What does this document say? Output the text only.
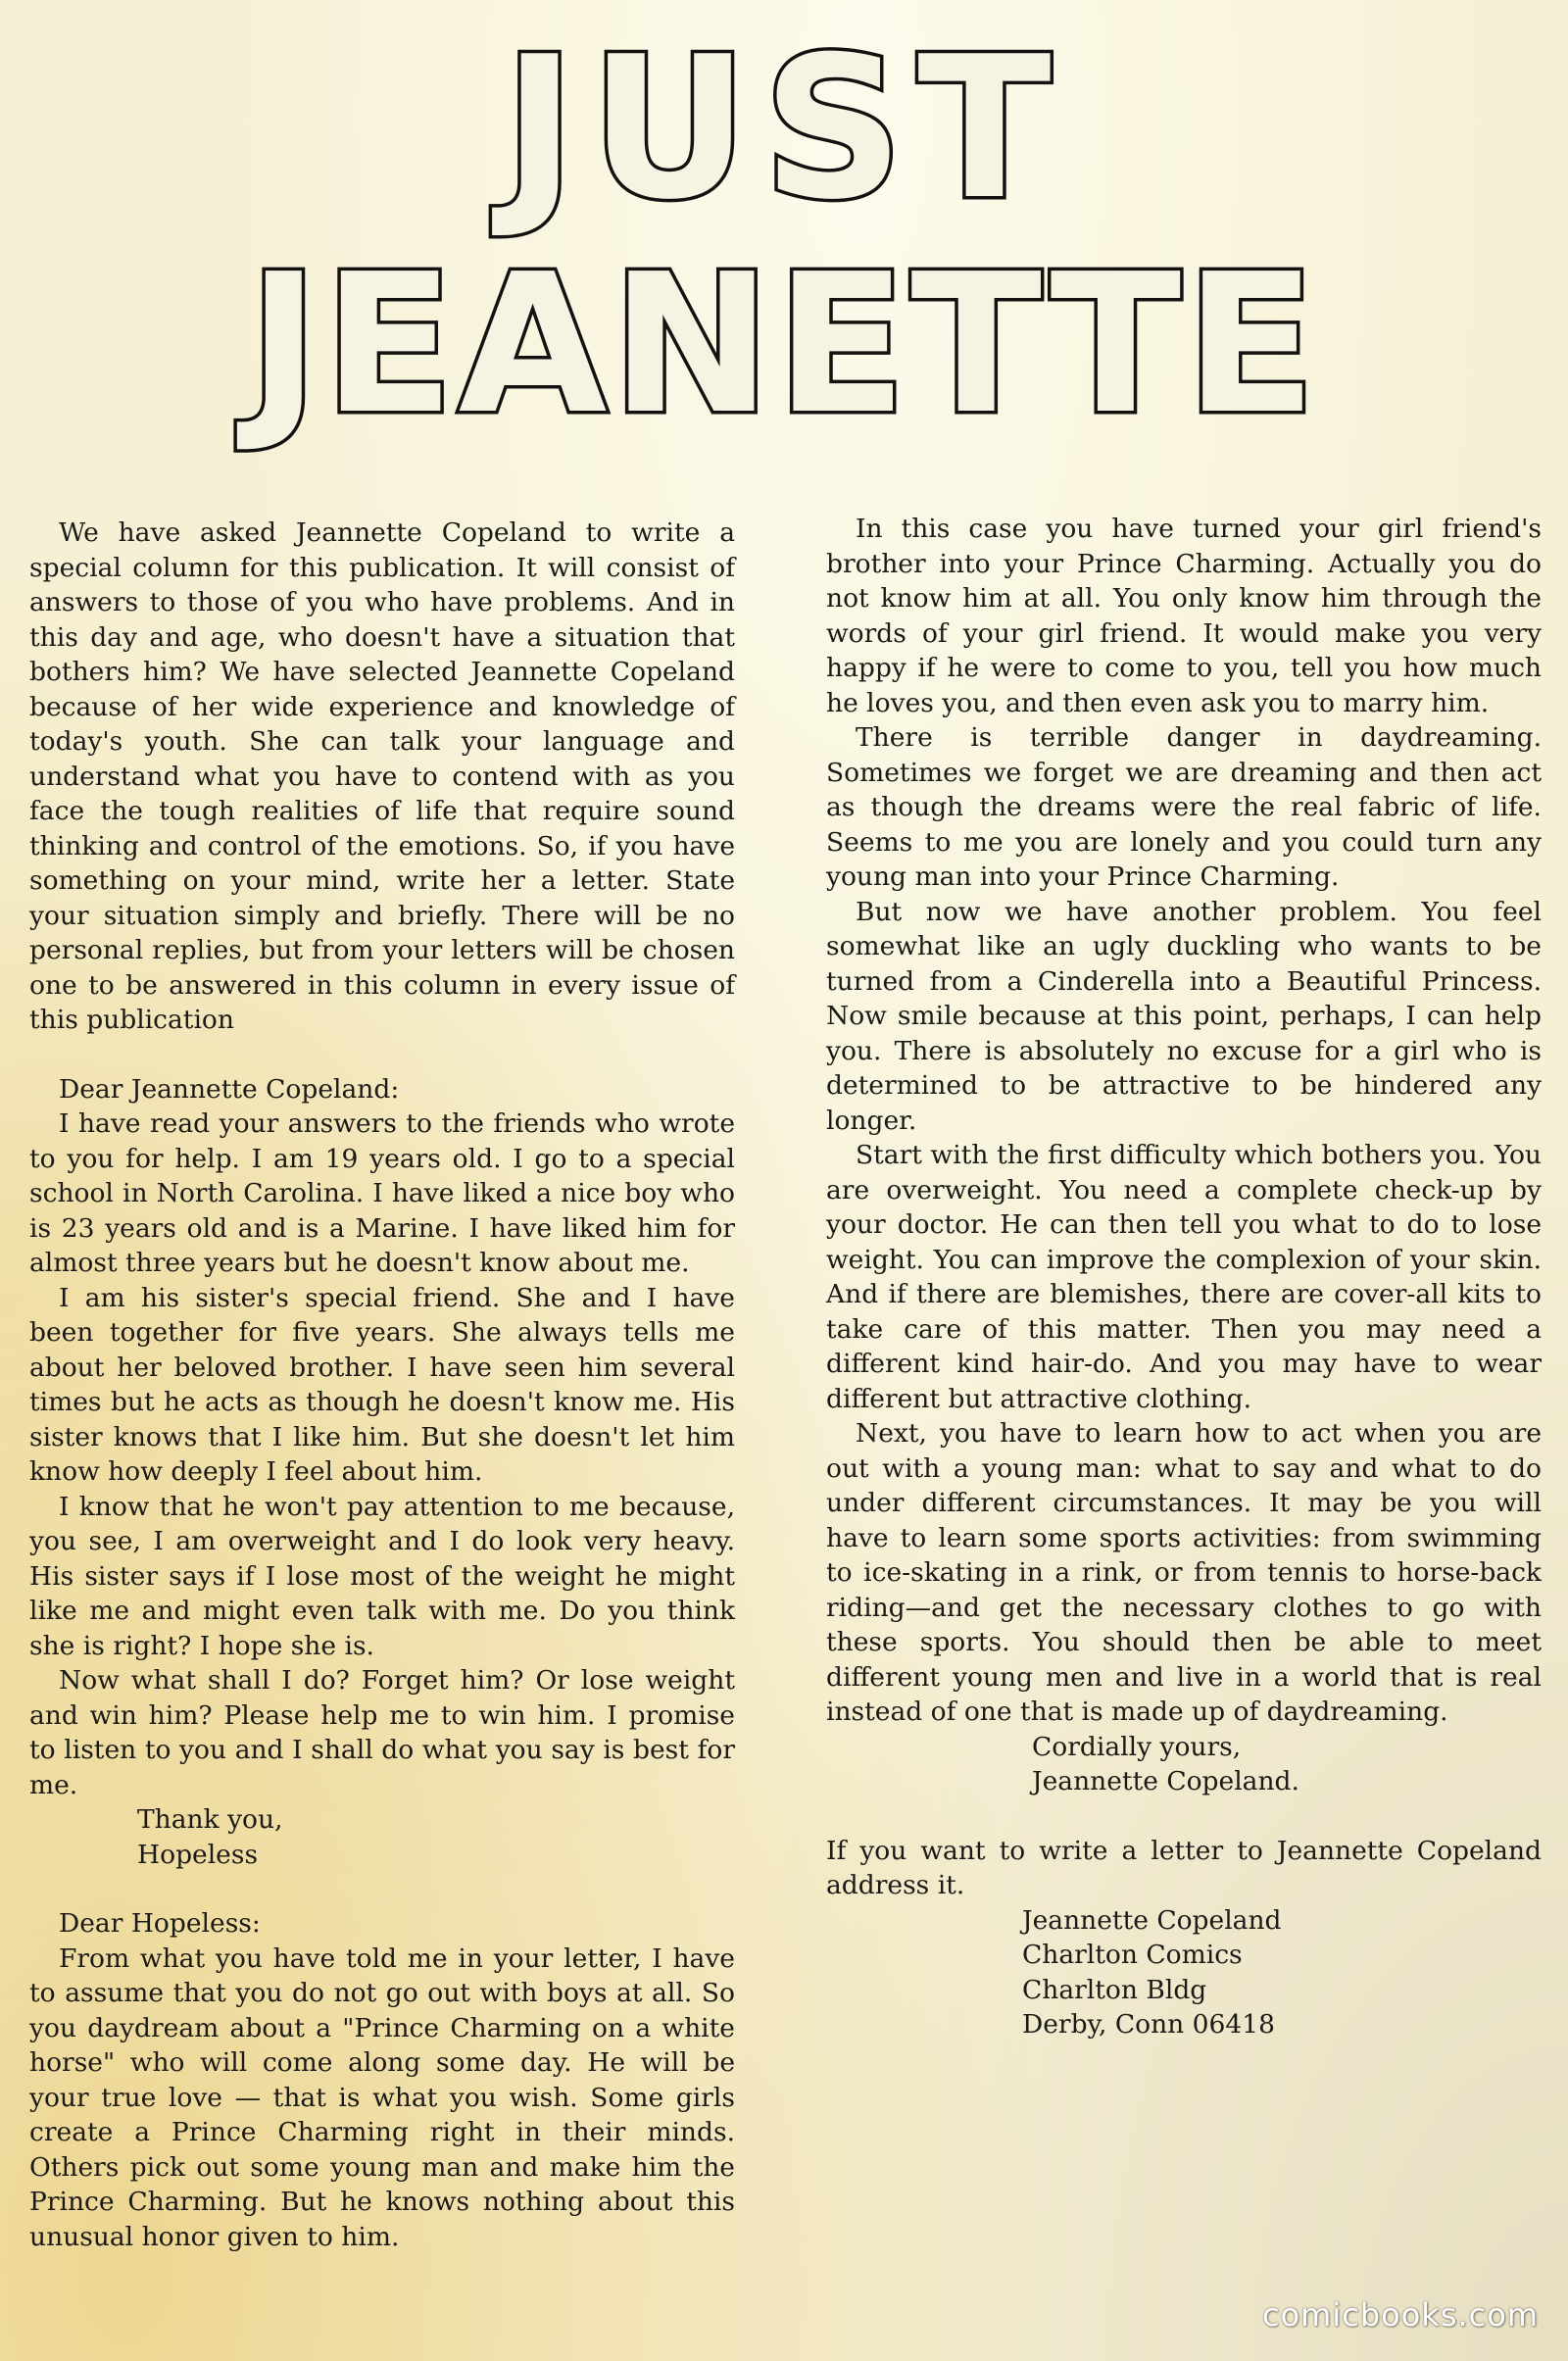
JUST
JEANETTE

We have asked Jeannette Copeland to write a special column for this publication. It will consist of answers to those of you who have problems. And in this day and age, who doesn't have a situation that bothers him? We have selected Jeannette Copeland because of her wide experience and knowledge of today's youth. She can talk your language and understand what you have to contend with as you face the tough realities of life that require sound thinking and control of the emotions. So, if you have something on your mind, write her a letter. State your situation simply and briefly. There will be no personal replies, but from your letters will be chosen one to be answered in this column in every issue of this publication

Dear Jeannette Copeland:

I have read your answers to the friends who wrote to you for help. I am 19 years old. I go to a special school in North Carolina. I have liked a nice boy who is 23 years old and is a Marine. I have liked him for almost three years but he doesn't know about me.

I am his sister's special friend. She and I have been together for five years. She always tells me about her beloved brother. I have seen him several times but he acts as though he doesn't know me. His sister knows that I like him. But she doesn't let him know how deeply I feel about him.

I know that he won't pay attention to me because, you see, I am overweight and I do look very heavy. His sister says if I lose most of the weight he might like me and might even talk with me. Do you think she is right? I hope she is.

Now what shall I do? Forget him? Or lose weight and win him? Please help me to win him. I promise to listen to you and I shall do what you say is best for me.

Thank you,

Hopeless

Dear Hopeless:

From what you have told me in your letter, I have to assume that you do not go out with boys at all. So you daydream about a "Prince Charming on a white horse" who will come along some day. He will be your true love — that is what you wish. Some girls create a Prince Charming right in their minds. Others pick out some young man and make him the Prince Charming. But he knows nothing about this unusual honor given to him.

In this case you have turned your girl friend's brother into your Prince Charming. Actually you do not know him at all. You only know him through the words of your girl friend. It would make you very happy if he were to come to you, tell you how much he loves you, and then even ask you to marry him.

There is terrible danger in daydreaming. Sometimes we forget we are dreaming and then act as though the dreams were the real fabric of life. Seems to me you are lonely and you could turn any young man into your Prince Charming.

But now we have another problem. You feel somewhat like an ugly duckling who wants to be turned from a Cinderella into a Beautiful Princess. Now smile because at this point, perhaps, I can help you. There is absolutely no excuse for a girl who is determined to be attractive to be hindered any longer.

Start with the first difficulty which bothers you. You are overweight. You need a complete check-up by your doctor. He can then tell you what to do to lose weight. You can improve the complexion of your skin. And if there are blemishes, there are cover-all kits to take care of this matter. Then you may need a different kind hair-do. And you may have to wear different but attractive clothing.

Next, you have to learn how to act when you are out with a young man: what to say and what to do under different circumstances. It may be you will have to learn some sports activities: from swimming to ice-skating in a rink, or from tennis to horse-back riding—and get the necessary clothes to go with these sports. You should then be able to meet different young men and live in a world that is real instead of one that is made up of daydreaming.

Cordially yours,

Jeannette Copeland.

If you want to write a letter to Jeannette Copeland address it.

Jeannette Copeland

Charlton Comics

Charlton Bldg

Derby, Conn 06418

comicbooks.com
